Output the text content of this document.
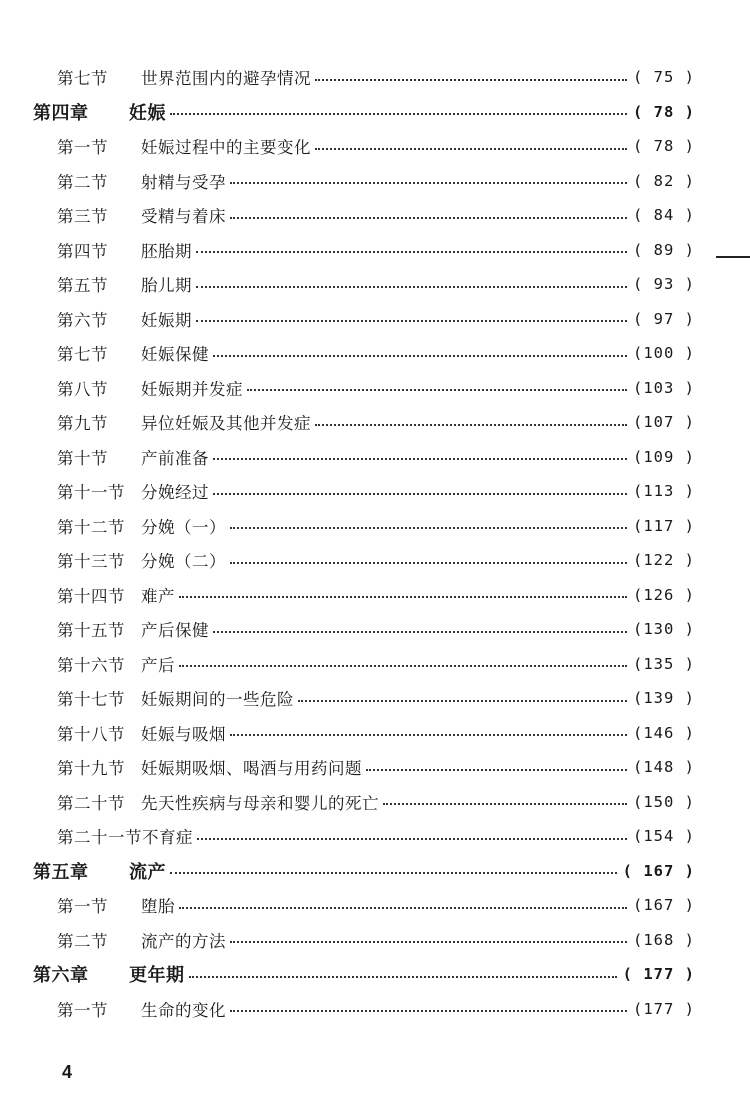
第七节	世界范围内的避孕情况	( 75 )
第四章	妊娠	( 78 )
第一节	妊娠过程中的主要变化	( 78 )
第二节	射精与受孕	( 82 )
第三节	受精与着床	( 84 )
第四节	胚胎期	( 89 )
第五节	胎儿期	( 93 )
第六节	妊娠期	( 97 )
第七节	妊娠保健	(100 )
第八节	妊娠期并发症	(103 )
第九节	异位妊娠及其他并发症	(107 )
第十节	产前准备	(109 )
第十一节 分娩经过	(113 )
第十二节 分娩（一）	(117 )
第十三节 分娩（二）	(122 )
第十四节 难产	(126 )
第十五节 产后保健	(130 )
第十六节 产后	(135 )
第十七节 妊娠期间的一些危险	(139 )
第十八节 妊娠与吸烟	(146 )
第十九节 妊娠期吸烟、喝酒与用药问题	(148 )
第二十节 先天性疾病与母亲和婴儿的死亡	(150 )
第二十一节 不育症	(154 )
第五章	流产	( 167 )
第一节	堕胎	(167 )
第二节	流产的方法	(168 )
第六章	更年期	( 177 )
第一节	生命的变化	(177 )
4
